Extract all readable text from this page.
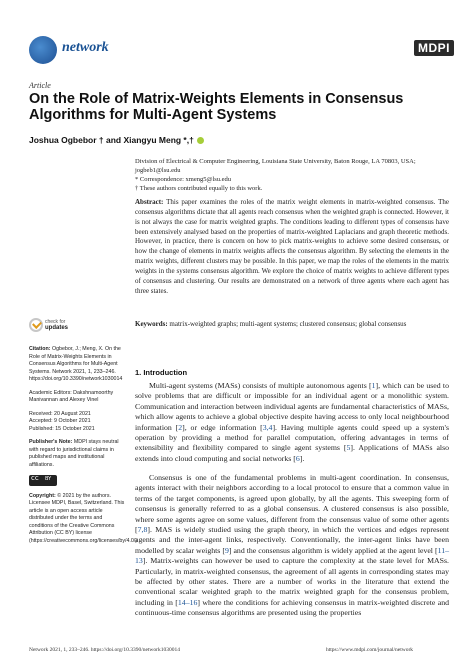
network	MDPI
Article
On the Role of Matrix-Weights Elements in Consensus Algorithms for Multi-Agent Systems
Joshua Ogbebor † and Xiangyu Meng *,†
Division of Electrical & Computer Engineering, Louisiana State University, Baton Rouge, LA 70803, USA; jogbeb1@lsu.edu
* Correspondence: xmeng5@lsu.edu
† These authors contributed equally to this work.
Abstract: This paper examines the roles of the matrix weight elements in matrix-weighted consensus. The consensus algorithms dictate that all agents reach consensus when the weighted graph is connected. However, it is not always the case for matrix weighted graphs. The conditions leading to different types of consensus have been extensively analysed based on the properties of matrix-weighted Laplacians and graph theoretic methods. However, in practice, there is concern on how to pick matrix-weights to achieve some desired consensus, or how the change of elements in matrix weights affects the consensus algorithm. By selecting the elements in the matrix weights, different clusters may be possible. In this paper, we map the roles of the elements in the matrix weights in the systems consensus algorithm. We explore the choice of matrix weights to achieve different types of consensus and clustering. Our results are demonstrated on a network of three agents where each agent has three states.
Keywords: matrix-weighted graphs; multi-agent systems; clustered consensus; global consensus
check for
updates

Citation: Ogbebor, J.; Meng, X. On the Role of Matrix-Weights Elements in Consensus Algorithms for Multi-Agent Systems. Network 2021, 1, 233–246. https://doi.org/10.3390/network1030014

Academic Editors: Dakshnamoorthy Manivannan and Alexey Vinel

Received: 20 August 2021
Accepted: 9 October 2021
Published: 15 October 2021

Publisher's Note: MDPI stays neutral with regard to jurisdictional claims in published maps and institutional affiliations.

cc BY

Copyright: © 2021 by the authors. Licensee MDPI, Basel, Switzerland. This article is an open access article distributed under the terms and conditions of the Creative Commons Attribution (CC BY) license (https://creativecommons.org/licenses/by/4.0/).

1. Introduction
Multi-agent systems (MASs) consists of multiple autonomous agents [1], which can be used to solve problems that are difficult or impossible for an individual agent or a monolithic system. Communication and interaction between individual agents are fundamental characteristics of MASs, which allow agents to achieve a global objective despite having access to only local neighbourhood information [2], or edge information [3,4]. Having multiple agents could speed up a system's operation by providing a method for parallel computation, offering advantages in terms of extensibility and flexibility compared to single agent systems [5]. Applications of MASs also extends into cloud computing and social networks [6].
Consensus is one of the fundamental problems in multi-agent coordination. In consensus, agents interact with their neighbors according to a local protocol to ensure that a common value in terms of the target components, is agreed upon globally, by all the agents. This sweeping form of consensus is generally referred to as a global consensus. A clustered consensus is also possible, where some agents agree on some values, different from the consensus value of some other agents [7,8]. MAS is widely studied using the graph theory, in which the vertices and edges represent agents and the inter-agent links, respectively. Conventionally, the inter-agent links have been modelled by scalar weights [9] and the consensus algorithm is widely applied at the agent level [11–13]. Matrix-weights can however be used to capture the complexity at the state level for MASs. Particularly, in matrix-weighted consensus, the agreement of all agents in corresponding states may be affected by other states. There are a number of works in the literature that extend the conventional scalar weighted graph to the matrix weighted graph for the consensus problem, including in [14–16] where the conditions for achieving consensus in matrix-weighted discrete and continuous-time consensus algorithms are presented using the properties
Network 2021, 1, 233–246. https://doi.org/10.3390/network1030014	https://www.mdpi.com/journal/network
